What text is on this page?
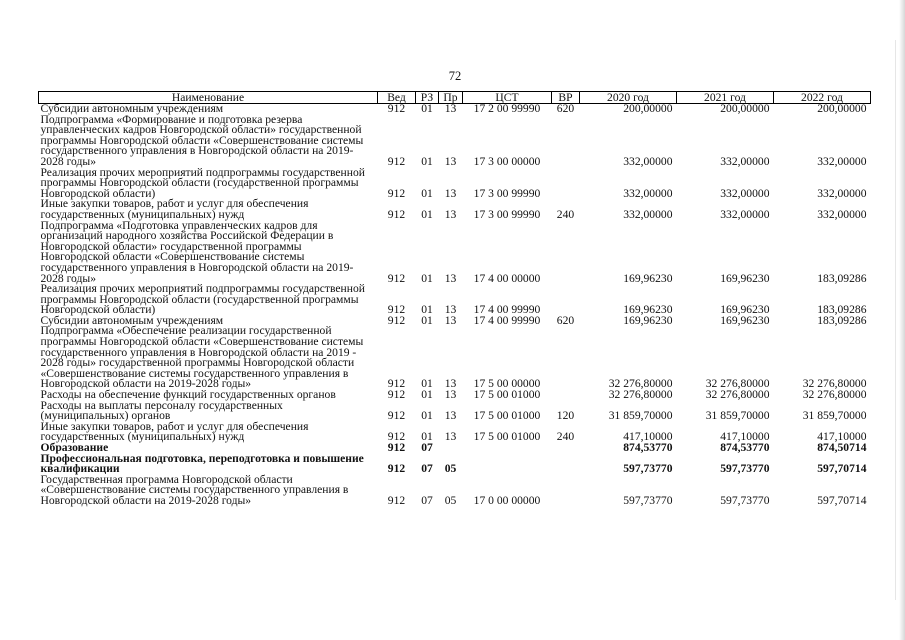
72
Наименование	Вед	РЗ	Пр	ЦСТ	ВР	2020 год	2021 год	2022 год
Субсидии автономным учреждениям	912	01	13	17 2 00 99990	620	200,00000	200,00000	200,00000
Подпрограмма «Формирование и подготовка резерва управленческих кадров Новгородской области» государственной программы Новгородской области «Совершенствование системы государственного управления в Новгородской области на 2019-2028 годы»	912	01	13	17 3 00 00000		332,00000	332,00000	332,00000
Реализация прочих мероприятий подпрограммы государственной программы Новгородской области (государственной программы Новгородской области)	912	01	13	17 3 00 99990		332,00000	332,00000	332,00000
Иные закупки товаров, работ и услуг для обеспечения государственных (муниципальных) нужд	912	01	13	17 3 00 99990	240	332,00000	332,00000	332,00000
Подпрограмма «Подготовка управленческих кадров для организаций народного хозяйства Российской Федерации в Новгородской области» государственной программы Новгородской области «Совершенствование системы государственного управления в Новгородской области на 2019-2028 годы»	912	01	13	17 4 00 00000		169,96230	169,96230	183,09286
Реализация прочих мероприятий подпрограммы государственной программы Новгородской области (государственной программы Новгородской области)	912	01	13	17 4 00 99990		169,96230	169,96230	183,09286
Субсидии автономным учреждениям	912	01	13	17 4 00 99990	620	169,96230	169,96230	183,09286
Подпрограмма «Обеспечение реализации государственной программы Новгородской области «Совершенствование системы государственного управления в Новгородской области на 2019 - 2028 годы» государственной программы Новгородской области «Совершенствование системы государственного управления в Новгородской области на 2019-2028 годы»	912	01	13	17 5 00 00000		32 276,80000	32 276,80000	32 276,80000
Расходы на обеспечение функций государственных органов	912	01	13	17 5 00 01000		32 276,80000	32 276,80000	32 276,80000
Расходы на выплаты персоналу государственных (муниципальных) органов	912	01	13	17 5 00 01000	120	31 859,70000	31 859,70000	31 859,70000
Иные закупки товаров, работ и услуг для обеспечения государственных (муниципальных) нужд	912	01	13	17 5 00 01000	240	417,10000	417,10000	417,10000
Образование	912	07				874,53770	874,53770	874,50714
Профессиональная подготовка, переподготовка и повышение квалификации	912	07	05			597,73770	597,73770	597,70714
Государственная программа Новгородской области «Совершенствование системы государственного управления в Новгородской области на 2019-2028 годы»	912	07	05	17 0 00 00000		597,73770	597,73770	597,70714
